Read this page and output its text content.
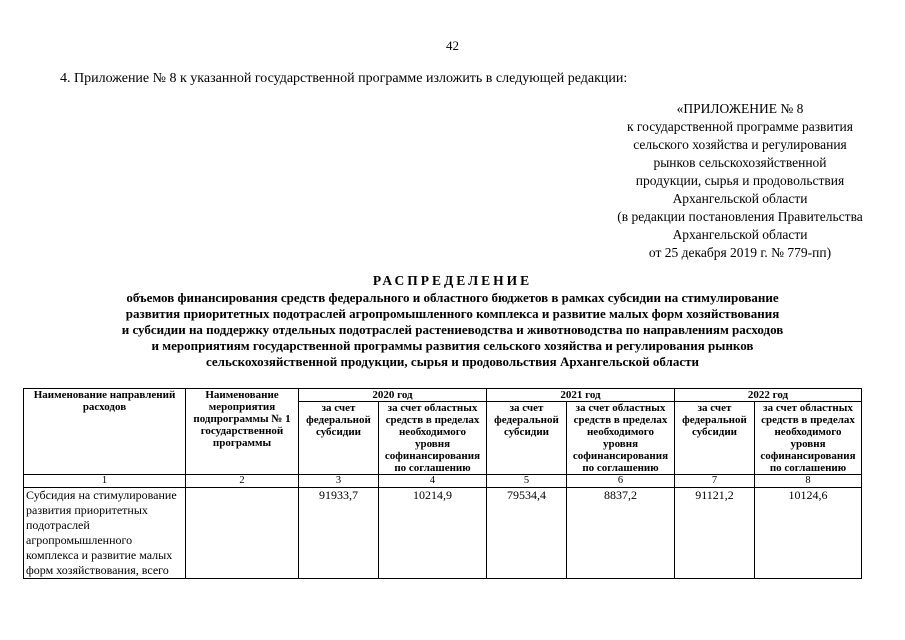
42
4. Приложение № 8 к указанной государственной программе изложить в следующей редакции:
«ПРИЛОЖЕНИЕ № 8
к государственной программе развития
сельского хозяйства и регулирования
рынков сельскохозяйственной
продукции, сырья и продовольствия
Архангельской области
(в редакции постановления Правительства
Архангельской области
от 25 декабря 2019 г. № 779-пп)
РАСПРЕДЕЛЕНИЕ
объемов финансирования средств федерального и областного бюджетов в рамках субсидии на стимулирование
развития приоритетных подотраслей агропромышленного комплекса и развитие малых форм хозяйствования
и субсидии на поддержку отдельных подотраслей растениеводства и животноводства по направлениям расходов
и мероприятиям государственной программы развития сельского хозяйства и регулирования рынков
сельскохозяйственной продукции, сырья и продовольствия Архангельской области
Наименование направлений расходов	Наименование мероприятия подпрограммы № 1 государственной программы	2020 год		2021 год		2022 год	
		за счет федеральной субсидии	за счет областных средств в пределах необходимого уровня софинансирования по соглашению	за счет федеральной субсидии	за счет областных средств в пределах необходимого уровня софинансирования по соглашению	за счет федеральной субсидии	за счет областных средств в пределах необходимого уровня софинансирования по соглашению
1	2	3	4	5	6	7	8
Субсидия на стимулирование развития приоритетных подотраслей агропромышленного комплекса и развитие малых форм хозяйствования, всего		91933,7	10214,9	79534,4	8837,2	91121,2	10124,6
